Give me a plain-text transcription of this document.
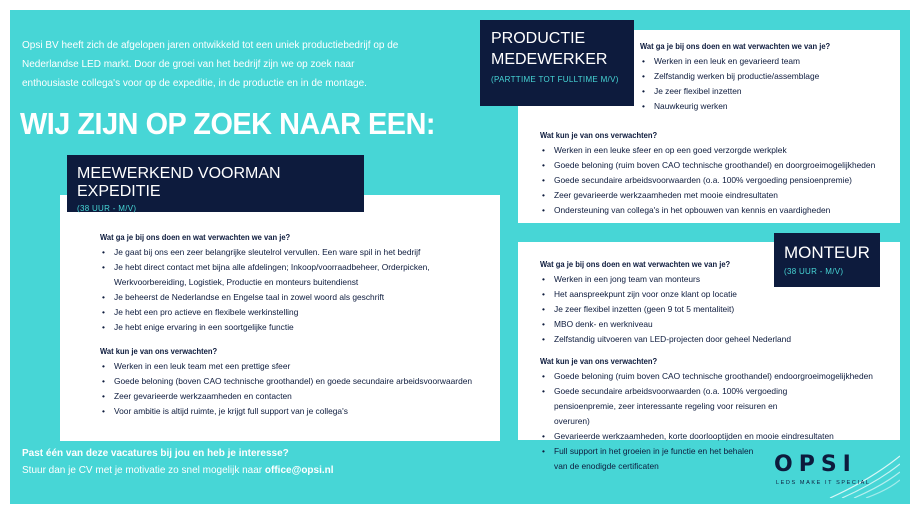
Opsi BV heeft zich de afgelopen jaren ontwikkeld tot een uniek productiebedrijf op de Nederlandse LED markt. Door de groei van het bedrijf zijn we op zoek naar enthousiaste collega's voor op de expeditie, in de productie en in de montage.
WIJ ZIJN OP ZOEK NAAR EEN:
Wat ga je bij ons doen en wat verwachten we van je?
• Je gaat bij ons een zeer belangrijke sleutelrol vervullen. Een ware spil in het bedrijf
• Je hebt direct contact met bijna alle afdelingen; Inkoop/voorraadbeheer, Orderpicken, Werkvoorbereiding, Logistiek, Productie en monteurs buitendienst
• Je beheerst de Nederlandse en Engelse taal in zowel woord als geschrift
• Je hebt een pro actieve en flexibele werkinstelling
• Je hebt enige ervaring in een soortgelijke functie
Wat kun je van ons verwachten?
• Werken in een leuk team met een prettige sfeer
• Goede beloning (boven CAO technische groothandel) en goede secundaire arbeidsvoorwaarden
• Zeer gevarieerde werkzaamheden en contacten
• Voor ambitie is altijd ruimte, je krijgt full support van je collega's
MEEWERKEND VOORMAN EXPEDITIE
(38 UUR - M/V)
Wat ga je bij ons doen en wat verwachten we van je?
• Werken in een leuk en gevarieerd team
• Zelfstandig werken bij productie/assemblage
• Je zeer flexibel inzetten
• Nauwkeurig werken
Wat kun je van ons verwachten?
• Werken in een leuke sfeer en op een goed verzorgde werkplek
• Goede beloning (ruim boven CAO technische groothandel) en doorgroeimogelijkheden
• Goede secundaire arbeidsvoorwaarden (o.a. 100% vergoeding pensioenpremie)
• Zeer gevarieerde werkzaamheden met mooie eindresultaten
• Ondersteuning van collega's in het opbouwen van kennis en vaardigheden
PRODUCTIE
MEDEWERKER
(PARTTIME TOT FULLTIME M/V)
Wat ga je bij ons doen en wat verwachten we van je?
• Werken in een jong team van monteurs
• Het aanspreekpunt zijn voor onze klant op locatie
• Je zeer flexibel inzetten (geen 9 tot 5 mentaliteit)
• MBO denk- en werkniveau
• Zelfstandig uitvoeren van LED-projecten door geheel Nederland
Wat kun je van ons verwachten?
• Goede beloning (ruim boven CAO technische groothandel) endoorgroeimogelijkheden
• Goede secundaire arbeidsvoorwaarden (o.a. 100% vergoeding pensioenpremie, zeer interessante regeling voor reisuren en overuren)
• Gevarieerde werkzaamheden, korte doorlooptijden en mooie eindresultaten
• Full support in het groeien in je functie en het behalen van de enodigde certificaten
MONTEUR
(38 UUR - M/V)
Past één van deze vacatures bij jou en heb je interesse?
Stuur dan je CV met je motivatie zo snel mogelijk naar office@opsi.nl	OPSI
LEDS MAKE IT SPECIAL
